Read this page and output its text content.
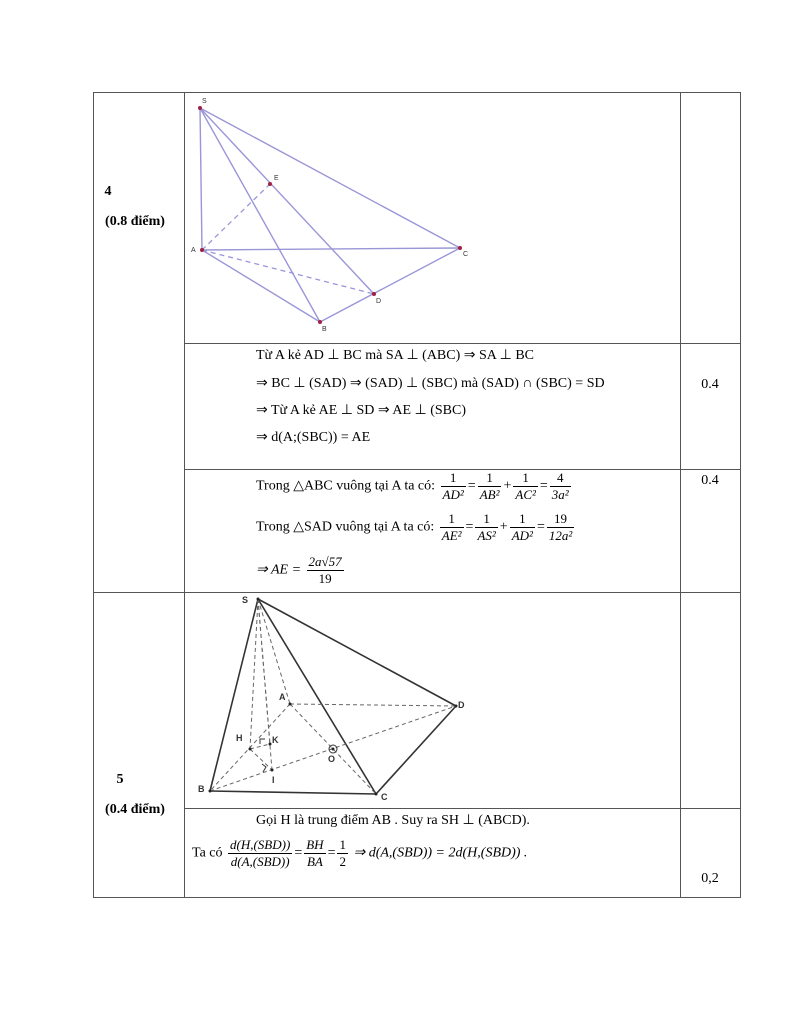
4
(0.8 điểm)
S
E
A
C
D
B
Từ A kẻ AD ⊥ BC mà SA ⊥ (ABC) ⇒ SA ⊥ BC
⇒ BC ⊥ (SAD) ⇒ (SAD) ⊥ (SBC) mà (SAD) ∩ (SBC) = SD
⇒ Từ A kẻ AE ⊥ SD ⇒ AE ⊥ (SBC)
⇒ d(A;(SBC)) = AE
0.4
Trong △ABC vuông tại A ta có: $\frac{1}{\text{AD²}} = \frac{1}{\text{AB²}} + \frac{1}{\text{AC²}} = \frac{4}{\text{3a²}}$
Trong △SAD vuông tại A ta có: $\frac{1}{\text{AE²}} = \frac{1}{\text{AS²}} + \frac{1}{\text{AD²}} = \frac{19}{\text{12a²}}$
⇒ AE = $\frac{2a√57}{19}$
0.4
5
(0.4 điểm)
S
A
D
H	K
O
I
B
C
Gọi H là trung điểm AB . Suy ra SH ⊥ (ABCD).
Ta có $\frac{\text{d(H,(SBD))}}{\text{d(A,(SBD))}} = \frac{BH}{BA} = \frac{1}{2}$ ⇒ d(A,(SBD)) = 2d(H,(SBD)) .
0,2
